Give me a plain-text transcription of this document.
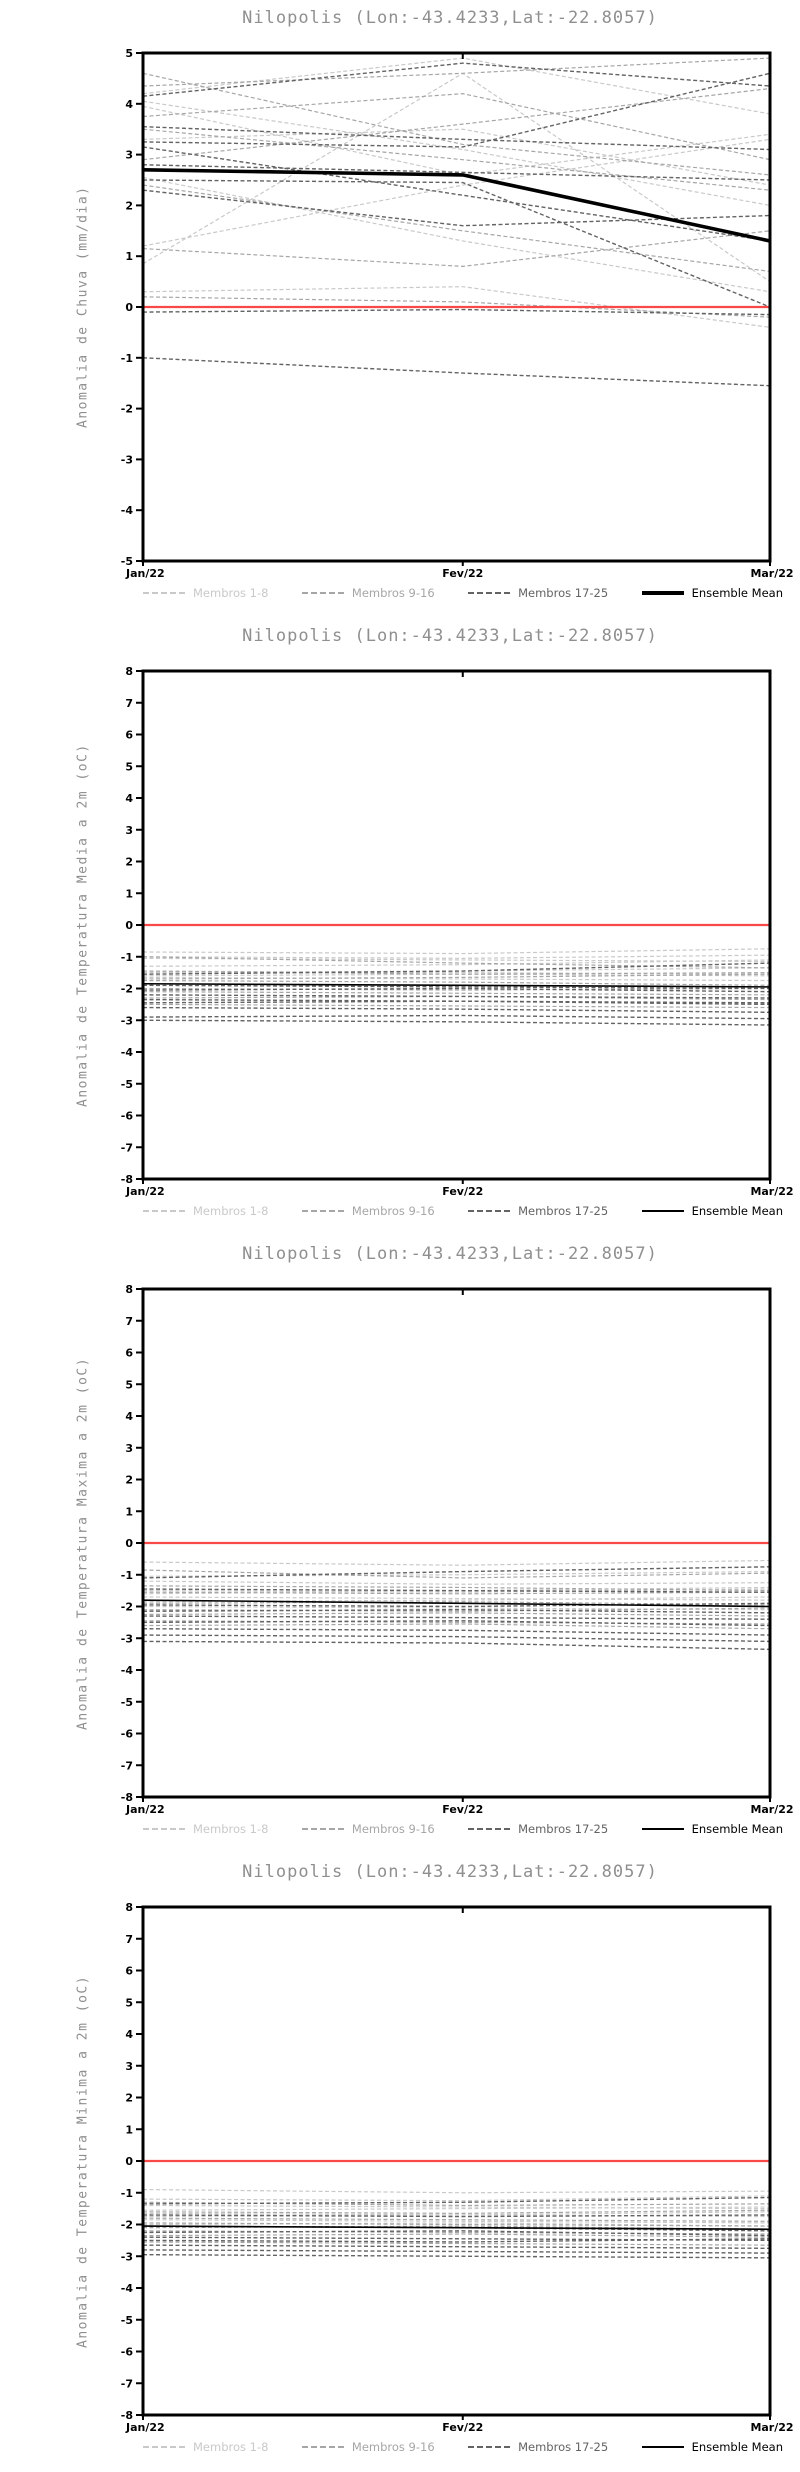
Nilopolis (Lon:-43.4233,Lat:-22.8057)
Anomalia de Chuva (mm/dia)
-5
-4
-3
-2
-1
0
1
2
3
4
5
Jan/22	Fev/22	Mar/22
Membros 1-8	Membros 9-16	Membros 17-25	Ensemble Mean
Nilopolis (Lon:-43.4233,Lat:-22.8057)
Anomalia de Temperatura Media a 2m (oC)
-8
-7
-6
-5
-4
-3
-2
-1
0
1
2
3
4
5
6
7
8
Jan/22	Fev/22	Mar/22
Membros 1-8	Membros 9-16	Membros 17-25	Ensemble Mean
Nilopolis (Lon:-43.4233,Lat:-22.8057)
Anomalia de Temperatura Maxima a 2m (oC)
-8
-7
-6
-5
-4
-3
-2
-1
0
1
2
3
4
5
6
7
8
Jan/22	Fev/22	Mar/22
Membros 1-8	Membros 9-16	Membros 17-25	Ensemble Mean
Nilopolis (Lon:-43.4233,Lat:-22.8057)
Anomalia de Temperatura Minima a 2m (oC)
-8
-7
-6
-5
-4
-3
-2
-1
0
1
2
3
4
5
6
7
8
Jan/22	Fev/22	Mar/22
Membros 1-8	Membros 9-16	Membros 17-25	Ensemble Mean
